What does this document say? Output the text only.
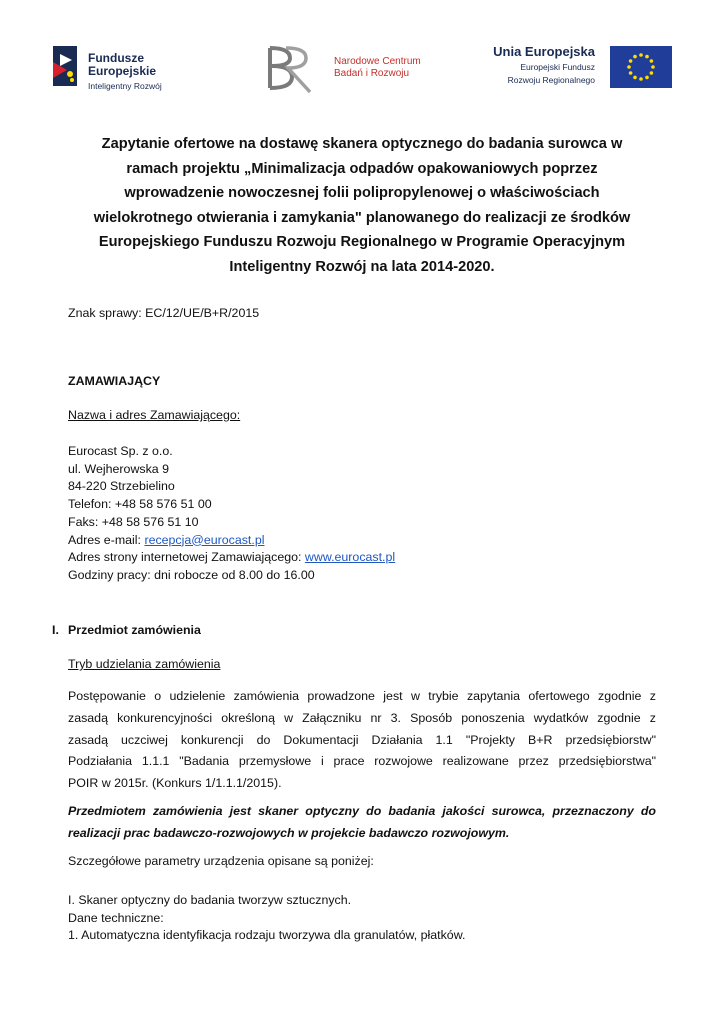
Fundusze
Europejskie
Inteligentny Rozwój
Narodowe Centrum
Badań i Rozwoju
Unia Europejska
Europejski Fundusz
Rozwoju Regionalnego
Zapytanie ofertowe na dostawę skanera optycznego do badania surowca w
ramach projektu „Minimalizacja odpadów opakowaniowych poprzez
wprowadzenie nowoczesnej folii polipropylenowej o właściwościach
wielokrotnego otwierania i zamykania" planowanego do realizacji ze środków
Europejskiego Funduszu Rozwoju Regionalnego w Programie Operacyjnym
Inteligentny Rozwój na lata 2014-2020.
Znak sprawy: EC/12/UE/B+R/2015
ZAMAWIAJĄCY
Nazwa i adres Zamawiającego:
Eurocast Sp. z o.o.
ul. Wejherowska 9
84-220 Strzebielino
Telefon: +48 58 576 51 00
Faks: +48 58 576 51 10
Adres e-mail: recepcja@eurocast.pl
Adres strony internetowej Zamawiającego: www.eurocast.pl
Godziny pracy: dni robocze od 8.00 do 16.00
I. Przedmiot zamówienia
Tryb udzielania zamówienia
Postępowanie o udzielenie zamówienia prowadzone jest w trybie zapytania ofertowego zgodnie z
zasadą konkurencyjności określoną w Załączniku nr 3. Sposób ponoszenia wydatków zgodnie z
zasadą uczciwej konkurencji do Dokumentacji Działania 1.1 "Projekty B+R przedsiębiorstw"
Podziałania 1.1.1 "Badania przemysłowe i prace rozwojowe realizowane przez przedsiębiorstwa"
POIR w 2015r. (Konkurs 1/1.1.1/2015).
Przedmiotem zamówienia jest skaner optyczny do badania jakości surowca, przeznaczony do
realizacji prac badawczo-rozwojowych w projekcie badawczo rozwojowym.
Szczegółowe parametry urządzenia opisane są poniżej:
I. Skaner optyczny do badania tworzyw sztucznych.
Dane techniczne:
1. Automatyczna identyfikacja rodzaju tworzywa dla granulatów, płatków.
